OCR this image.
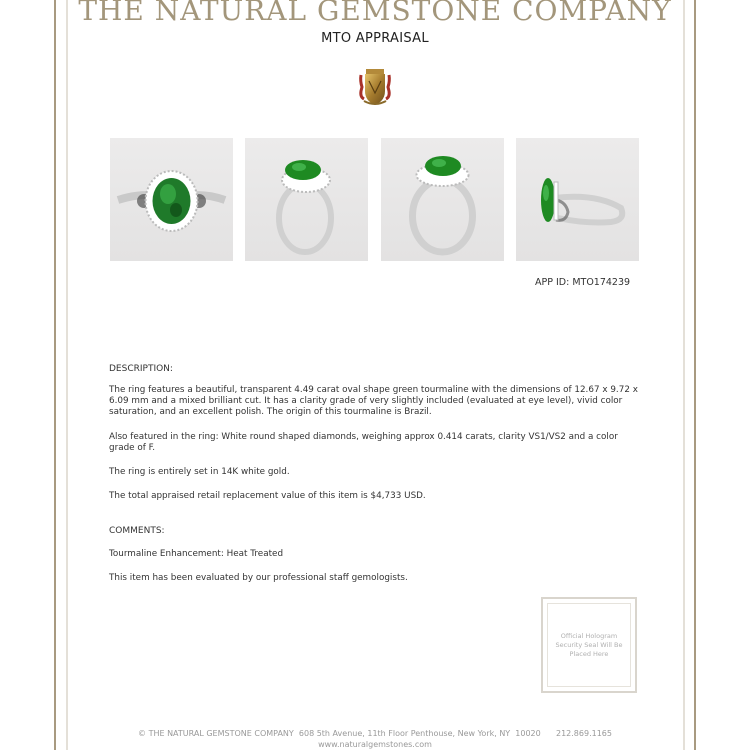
THE NATURAL GEMSTONE COMPANY
MTO APPRAISAL
APP ID: MTO174239
DESCRIPTION:

The ring features a beautiful, transparent 4.49 carat oval shape green tourmaline with the dimensions of 12.67 x 9.72 x 6.09 mm and a mixed brilliant cut. It has a clarity grade of very slightly included (evaluated at eye level), vivid color saturation, and an excellent polish. The origin of this tourmaline is Brazil.

Also featured in the ring: White round shaped diamonds, weighing approx 0.414 carats, clarity VS1/VS2 and a color grade of F.

The ring is entirely set in 14K white gold.

The total appraised retail replacement value of this item is $4,733 USD.

COMMENTS:

Tourmaline Enhancement: Heat Treated

This item has been evaluated by our professional staff gemologists.

Official Hologram Security Seal Will Be Placed Here
© THE NATURAL GEMSTONE COMPANY  608 5th Avenue, 11th Floor Penthouse, New York, NY  10020      212.869.1165
www.naturalgemstones.com
